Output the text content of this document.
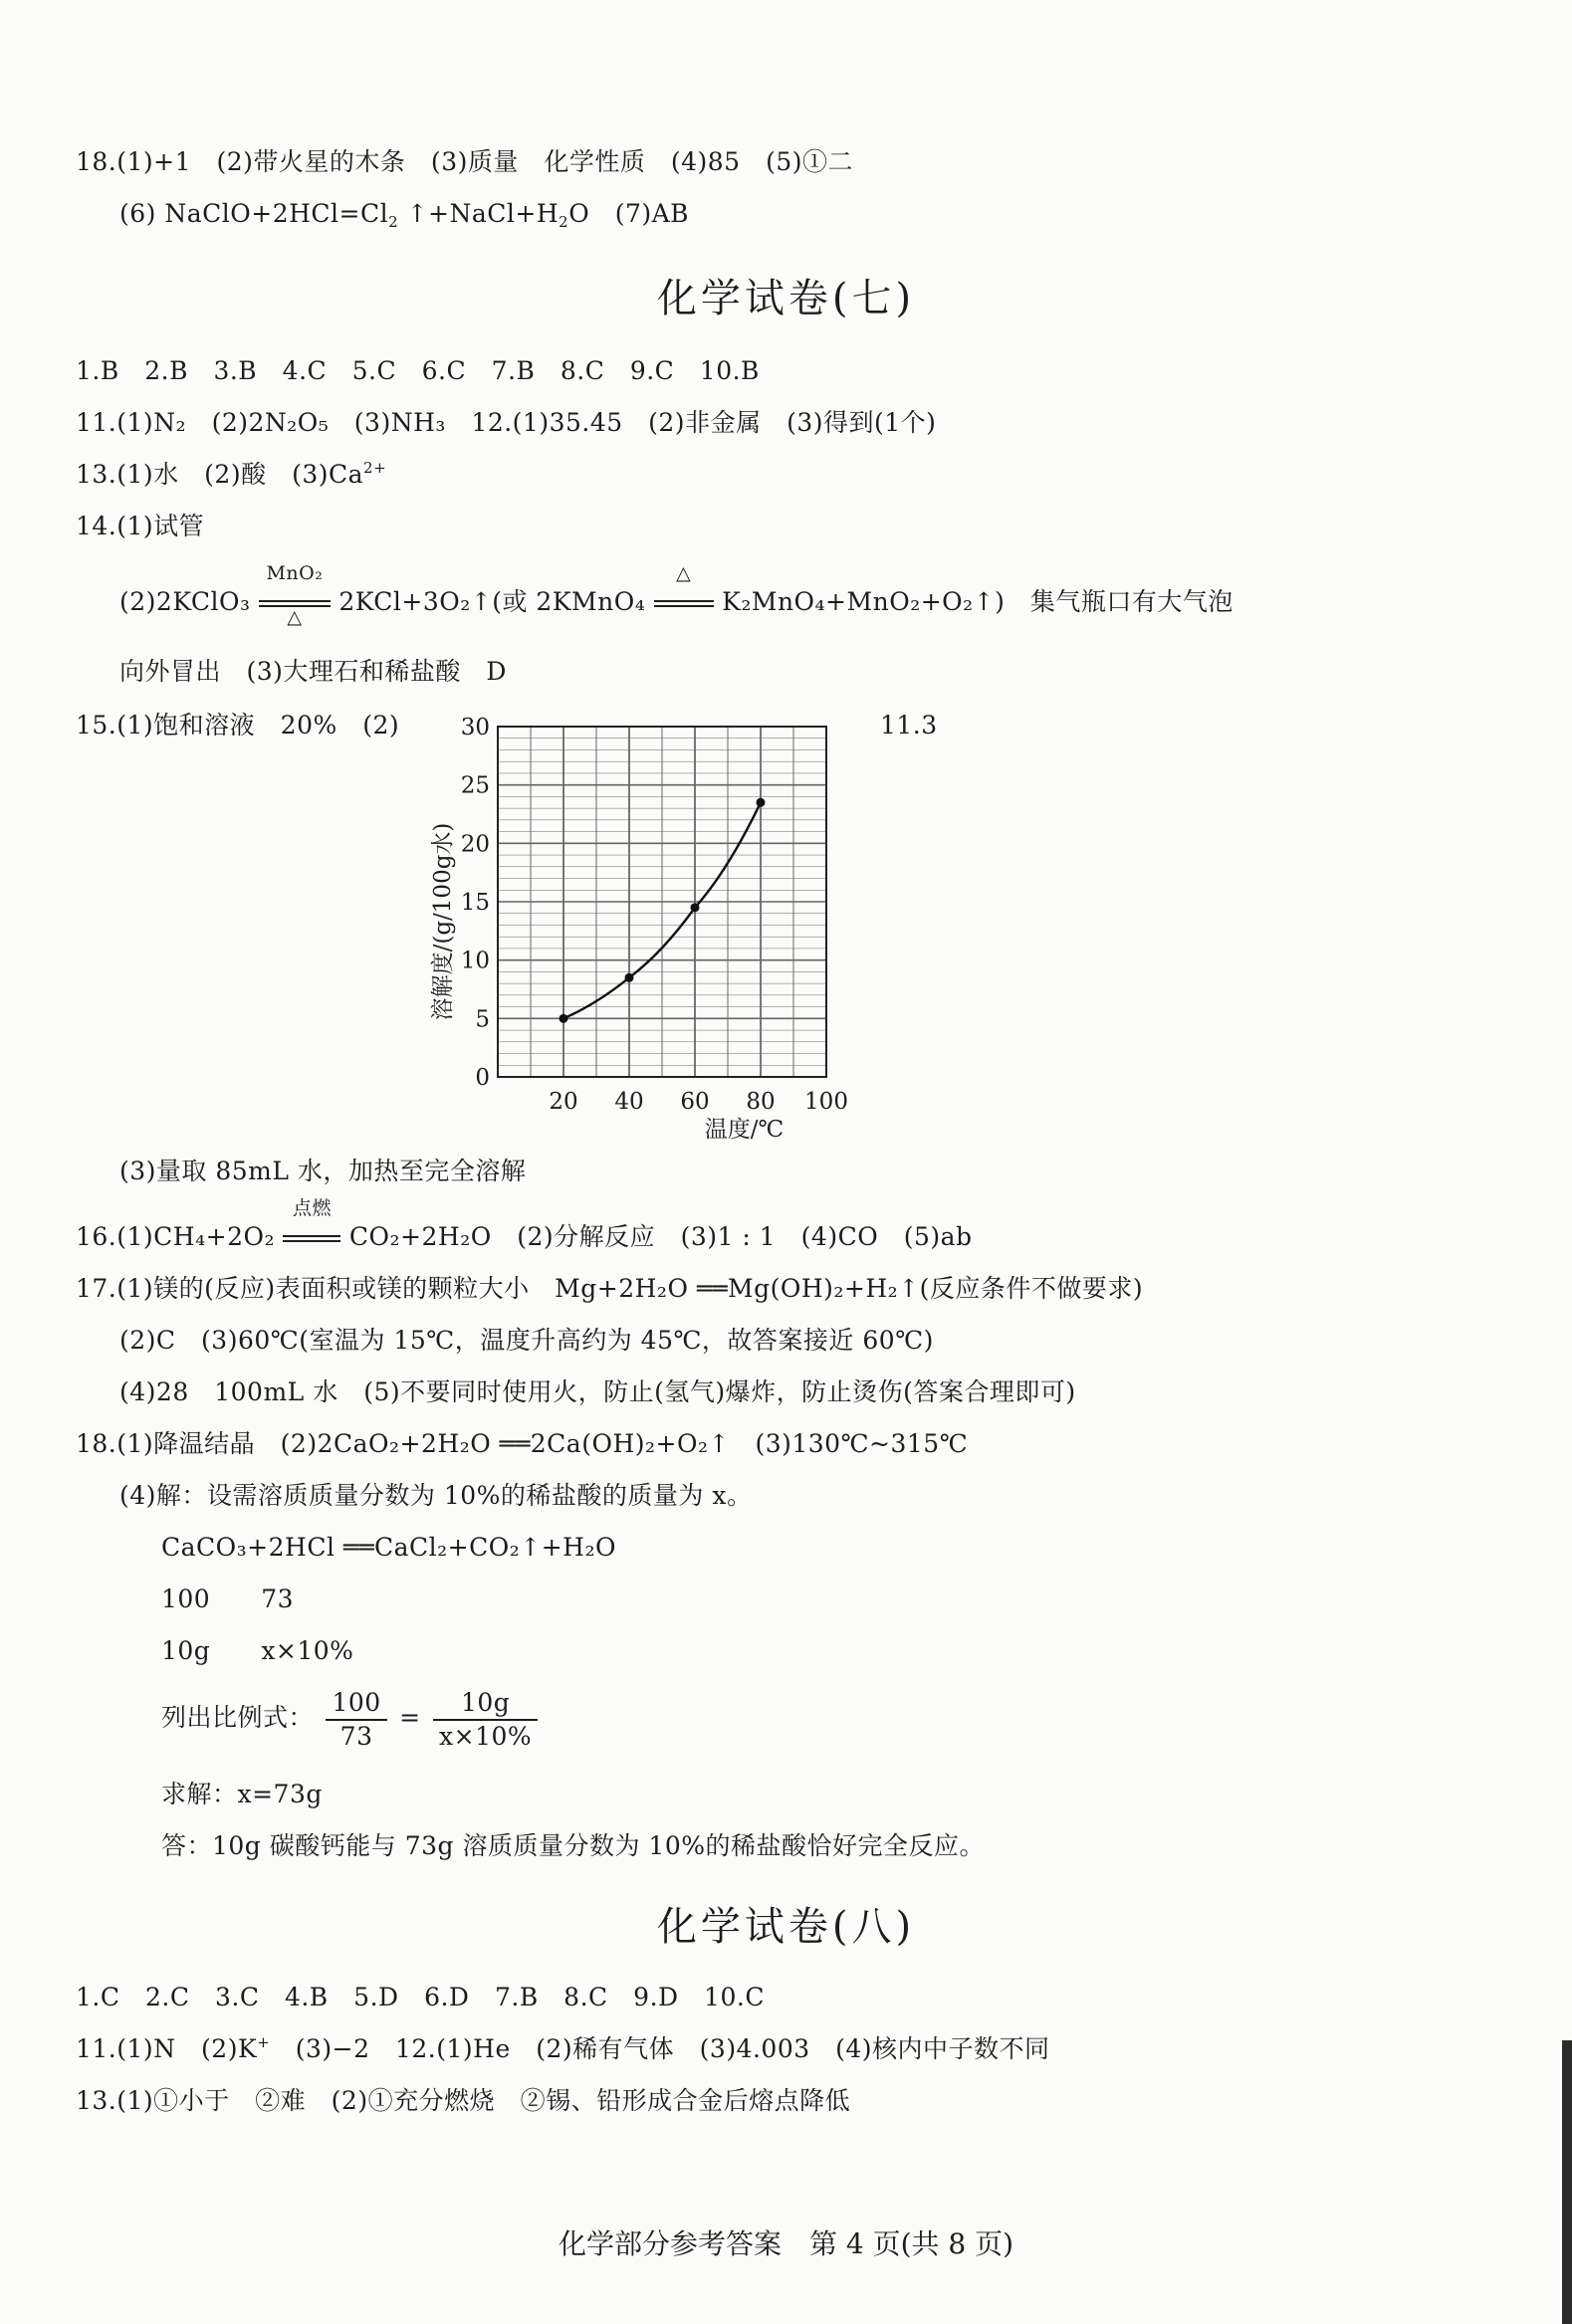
18.(1)+1　(2)带火星的木条　(3)质量　化学性质　(4)85　(5)①二
(6) $NaClO+2HCl=Cl_2$ $↑+NaCl+H_2O$　(7)AB
化学试卷(七)
1.B　2.B　3.B　4.C　5.C　6.C　7.B　8.C　9.C　10.B
11.(1)N₂　(2)2N₂O₅　(3)NH₃　12.(1)35.45　(2)非金属　(3)得到(1个)
13.(1)水　(2)酸　$(3)Ca^{2+}$
14.(1)试管
(2)2KClO₃
MnO₂
△
2KCl+3O₂↑(或 2KMnO₄
△
K₂MnO₄+MnO₂+O₂↑)　集气瓶口有大气泡
向外冒出　(3)大理石和稀盐酸　D
15.(1)饱和溶液　20%　(2)	11.3
0
5
10
15
20
25
30
20 40 60 80 100
温度/℃
溶解度/(g/100g水)
(3)量取 85mL 水，加热至完全溶解
16.(1)CH₄+2O₂
点燃
CO₂+2H₂O　(2)分解反应　(3)1 : 1　(4)CO　(5)ab
17.(1)镁的(反应)表面积或镁的颗粒大小　Mg+2H₂O ══Mg(OH)₂+H₂↑(反应条件不做要求)
(2)C　(3)60℃(室温为 15℃，温度升高约为 45℃，故答案接近 60℃)
(4)28　100mL 水　(5)不要同时使用火，防止(氢气)爆炸，防止烫伤(答案合理即可)
18.(1)降温结晶　(2)2CaO₂+2H₂O ══2Ca(OH)₂+O₂↑　(3)130℃~315℃
(4)解：设需溶质质量分数为 10%的稀盐酸的质量为 x。
CaCO₃+2HCl ══CaCl₂+CO₂↑+H₂O
100　　73
10g　　x×10%
列出比例式： $\frac{100}{73} = \frac{10g}{x\times 10\%}$
求解：x=73g
答：10g 碳酸钙能与 73g 溶质质量分数为 10%的稀盐酸恰好完全反应。
化学试卷(八)
1.C　2.C　3.C　4.B　5.D　6.D　7.B　8.C　9.D　10.C
11.(1)N　(2)K+　(3)−2　12.(1)He　(2)稀有气体　(3)4.003　(4)核内中子数不同
13.(1)①小于　②难　(2)①充分燃烧　②锡、铅形成合金后熔点降低
化学部分参考答案　第 4 页(共 8 页)
